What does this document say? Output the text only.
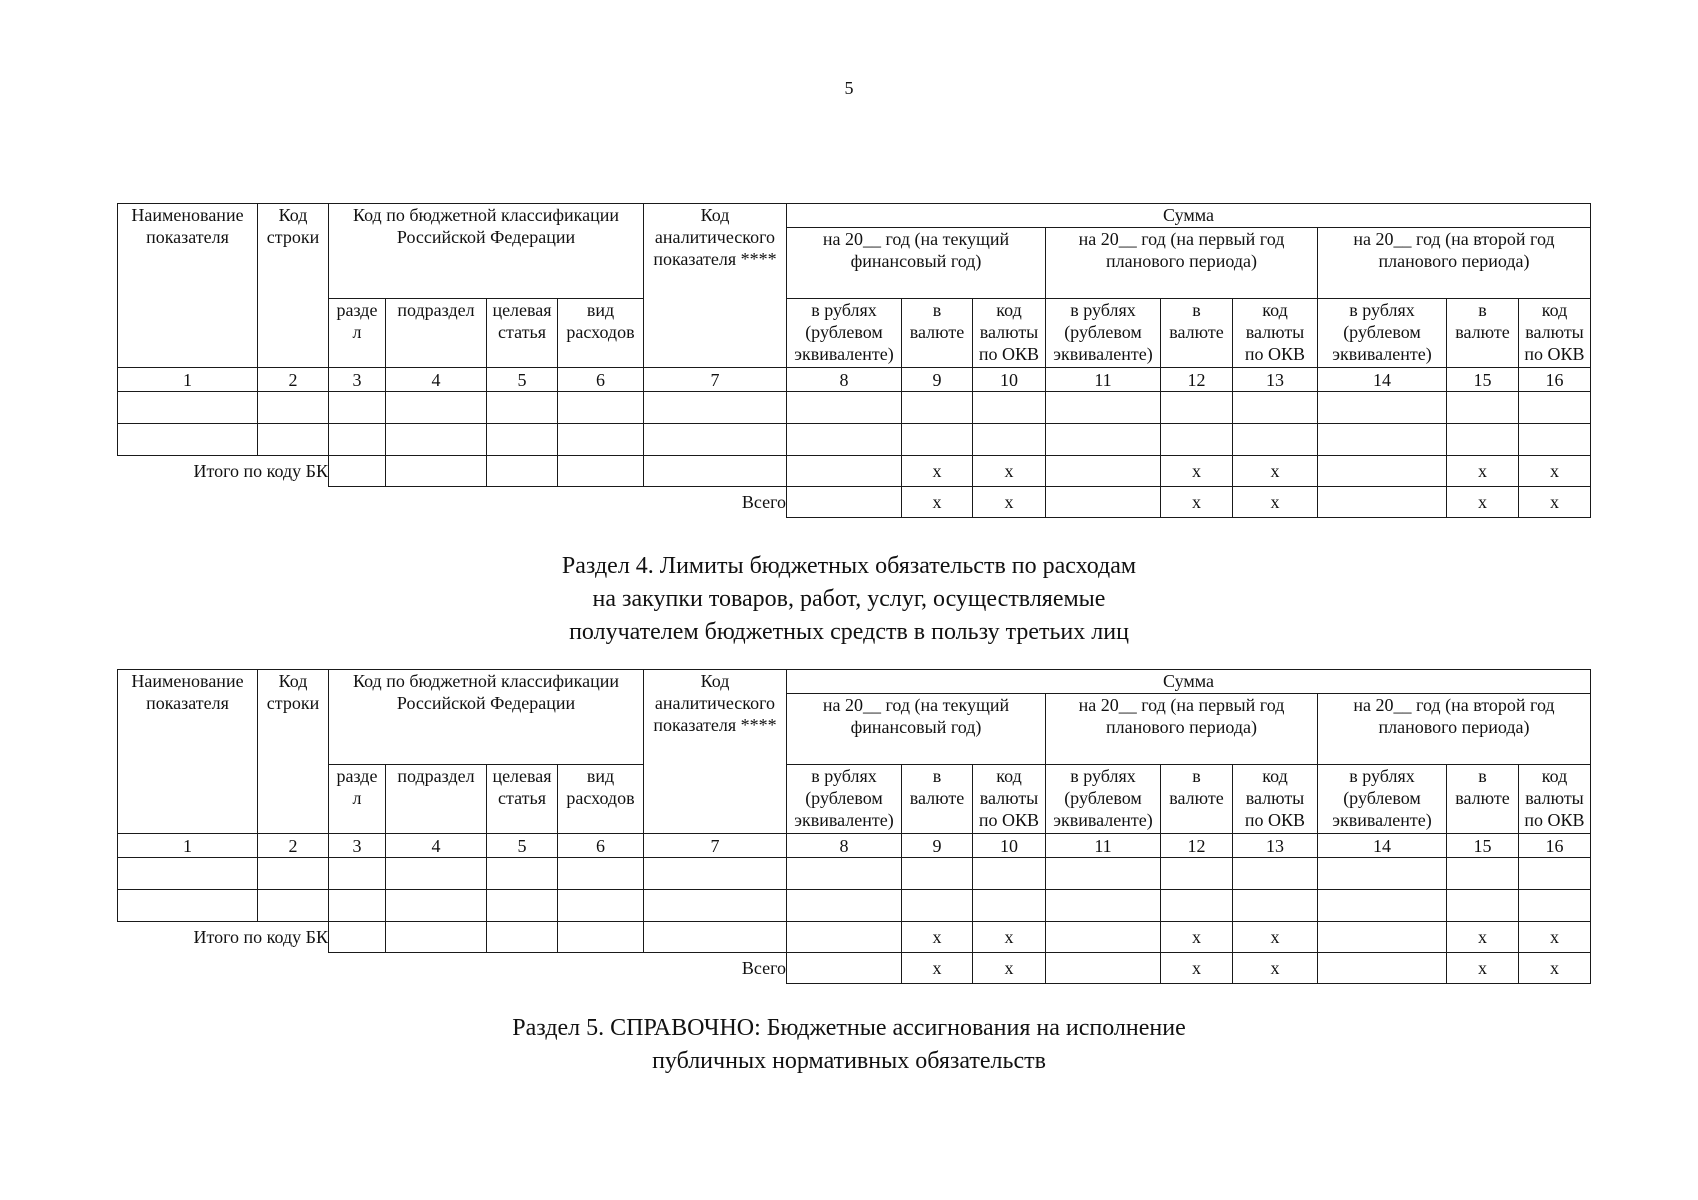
5
Наименование показателя	Код строки	Код по бюджетной классификации Российской Федерации				Код аналитического показателя ****	Сумма								
							на 20__ год (на текущий финансовый год)			на 20__ год (на первый год планового периода)			на 20__ год (на второй год планового периода)		
		разде л	подраздел	целевая статья	вид расходов		в рублях (рублевом эквиваленте)	в валюте	код валюты по ОКВ	в рублях (рублевом эквиваленте)	в валюте	код валюты по ОКВ	в рублях (рублевом эквиваленте)	в валюте	код валюты по ОКВ
1	2	3	4	5	6	7	8	9	10	11	12	13	14	15	16

Итого по коду БК								x	x		x	x		x	x
Всего								x	x		x	x		x	x
Раздел 4. Лимиты бюджетных обязательств по расходам
на закупки товаров, работ, услуг, осуществляемые
получателем бюджетных средств в пользу третьих лиц
Наименование показателя	Код строки	Код по бюджетной классификации Российской Федерации				Код аналитического показателя ****	Сумма								
							на 20__ год (на текущий финансовый год)			на 20__ год (на первый год планового периода)			на 20__ год (на второй год планового периода)		
		разде л	подраздел	целевая статья	вид расходов		в рублях (рублевом эквиваленте)	в валюте	код валюты по ОКВ	в рублях (рублевом эквиваленте)	в валюте	код валюты по ОКВ	в рублях (рублевом эквиваленте)	в валюте	код валюты по ОКВ
1	2	3	4	5	6	7	8	9	10	11	12	13	14	15	16

Итого по коду БК								x	x		x	x		x	x
Всего								x	x		x	x		x	x
Раздел 5. СПРАВОЧНО: Бюджетные ассигнования на исполнение
публичных нормативных обязательств
